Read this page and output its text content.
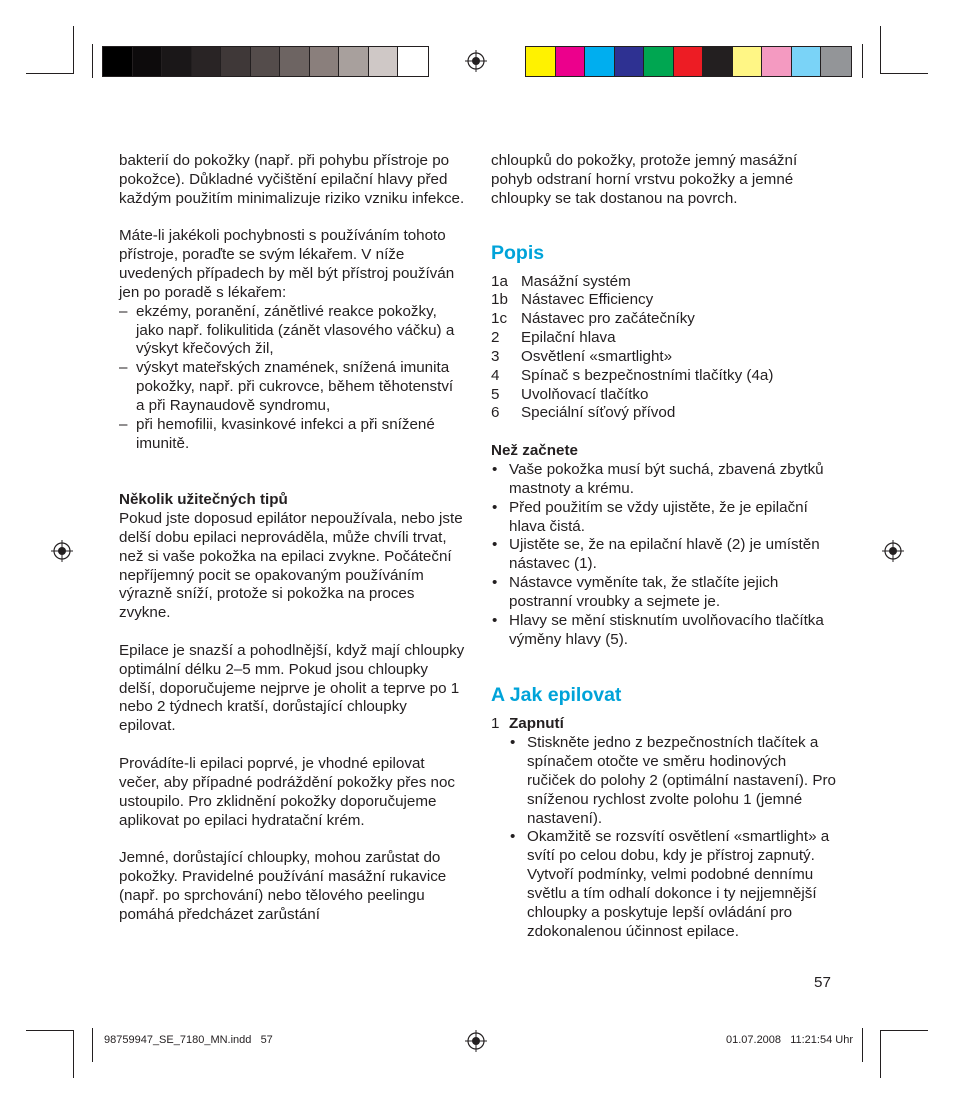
bakterií do pokožky (např. při pohybu přístroje po pokožce). Důkladné vyčištění epilační hlavy před každým použitím minimalizuje riziko vzniku infekce.

Máte-li jakékoli pochybnosti s používáním tohoto přístroje, poraďte se svým lékařem. V níže uvedených případech by měl být přístroj používán jen po poradě s lékařem:

– ekzémy, poranění, zánětlivé reakce pokožky, jako např. folikulitida (zánět vlasového váčku) a výskyt křečových žil,
– výskyt mateřských znamének, snížená imunita pokožky, např. při cukrovce, během těhotenství a při Raynaudově syndromu,
– při hemofilii, kvasinkové infekci a při snížené imunitě.

Několik užitečných tipů

Pokud jste doposud epilátor nepoužívala, nebo jste delší dobu epilaci neprováděla, může chvíli trvat, než si vaše pokožka na epilaci zvykne. Počáteční nepříjemný pocit se opakovaným používáním výrazně sníží, protože si pokožka na proces zvykne.

Epilace je snazší a pohodlnější, když mají chloupky optimální délku 2–5 mm. Pokud jsou chloupky delší, doporučujeme nejprve je oholit a teprve po 1 nebo 2 týdnech kratší, dorůstající chloupky epilovat.

Provádíte-li epilaci poprvé, je vhodné epilovat večer, aby případné podráždění pokožky přes noc ustoupilo. Pro zklidnění pokožky doporučujeme aplikovat po epilaci hydratační krém.

Jemné, dorůstající chloupky, mohou zarůstat do pokožky. Pravidelné používání masážní rukavice (např. po sprchování) nebo tělového peelingu pomáhá předcházet zarůstání

chloupků do pokožky, protože jemný masážní pohyb odstraní horní vrstvu pokožky a jemné chloupky se tak dostanou na povrch.

Popis

1a Masážní systém
1b Nástavec Efficiency
1c Nástavec pro začátečníky
2 Epilační hlava
3 Osvětlení «smartlight»
4 Spínač s bezpečnostními tlačítky (4a)
5 Uvolňovací tlačítko
6 Speciální síťový přívod

Než začnete

• Vaše pokožka musí být suchá, zbavená zbytků mastnoty a krému.
• Před použitím se vždy ujistěte, že je epilační hlava čistá.
• Ujistěte se, že na epilační hlavě (2) je umístěn nástavec (1).
• Nástavce vyměníte tak, že stlačíte jejich postranní vroubky a sejmete je.
• Hlavy se mění stisknutím uvolňovacího tlačítka výměny hlavy (5).

A Jak epilovat

1 Zapnutí
• Stiskněte jedno z bezpečnostních tlačítek a spínačem otočte ve směru hodinových ručiček do polohy 2 (optimální nastavení). Pro sníženou rychlost zvolte polohu 1 (jemné nastavení).
• Okamžitě se rozsvítí osvětlení «smartlight» a svítí po celou dobu, kdy je přístroj zapnutý. Vytvoří podmínky, velmi podobné dennímu světlu a tím odhalí dokonce i ty nejjemnější chloupky a poskytuje lepší ovládání pro zdokonalenou účinnost epilace.
57
98759947_SE_7180_MN.indd   57	01.07.2008   11:21:54 Uhr
